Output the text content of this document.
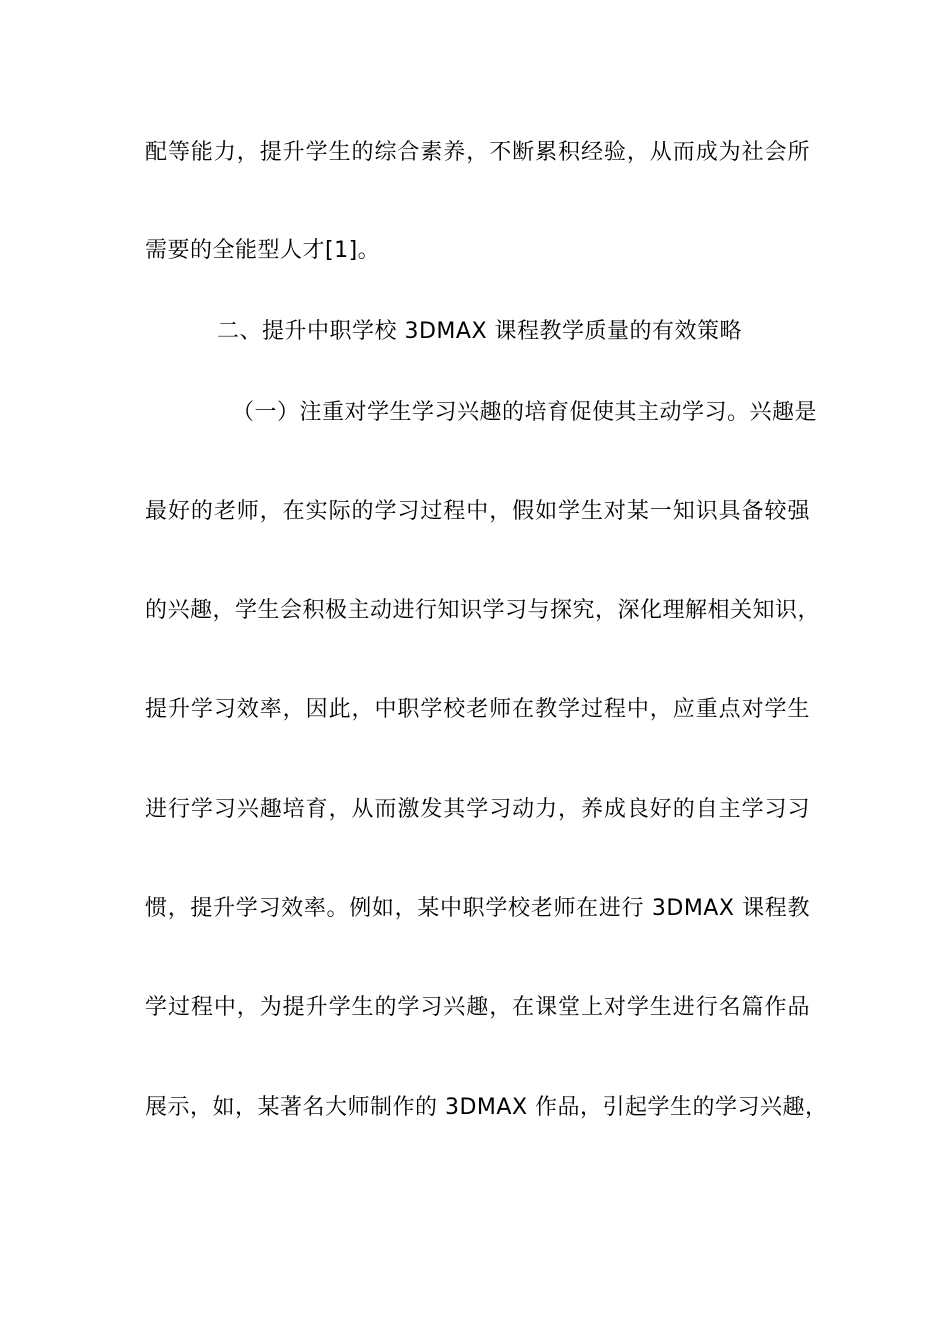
配等能力，提升学生的综合素养，不断累积经验，从而成为社会所
需要的全能型人才[1]。
二、提升中职学校 3DMAX 课程教学质量的有效策略
（一）注重对学生学习兴趣的培育促使其主动学习。兴趣是
最好的老师，在实际的学习过程中，假如学生对某一知识具备较强
的兴趣，学生会积极主动进行知识学习与探究，深化理解相关知识，
提升学习效率，因此，中职学校老师在教学过程中，应重点对学生
进行学习兴趣培育，从而激发其学习动力，养成良好的自主学习习
惯，提升学习效率。例如，某中职学校老师在进行 3DMAX 课程教
学过程中，为提升学生的学习兴趣，在课堂上对学生进行名篇作品
展示，如，某著名大师制作的 3DMAX 作品，引起学生的学习兴趣，
